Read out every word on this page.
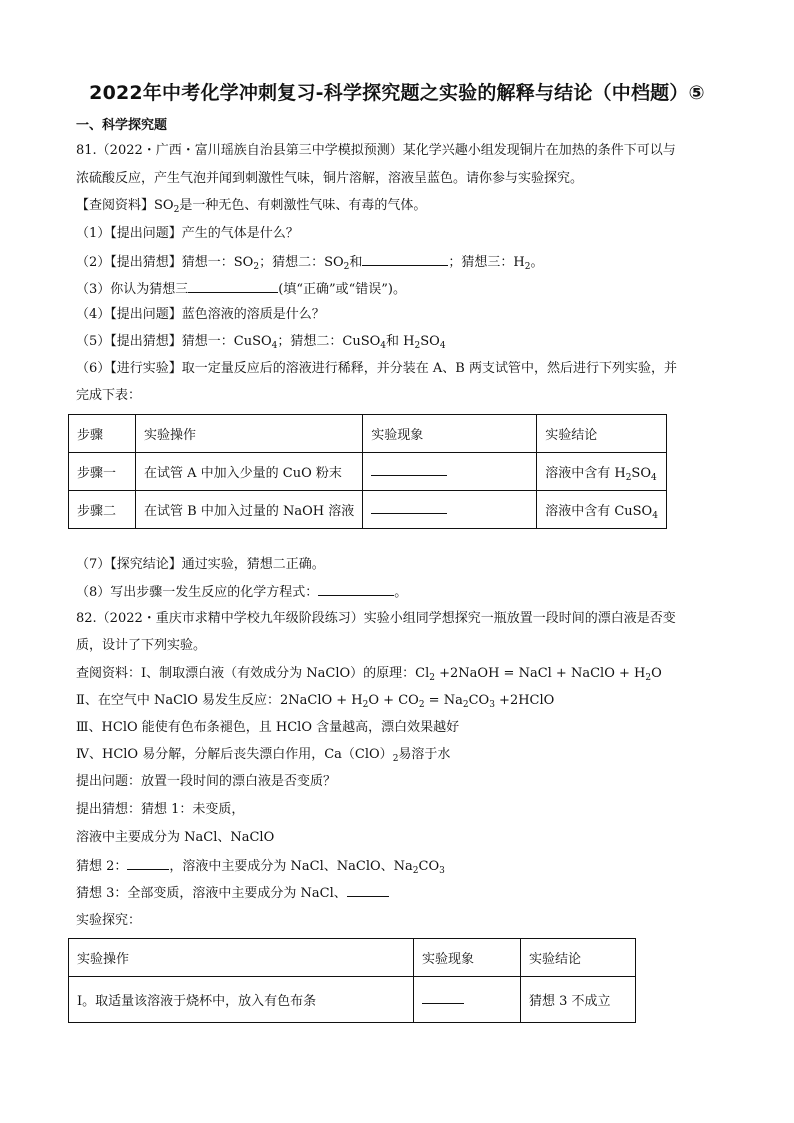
2022年中考化学冲刺复习-科学探究题之实验的解释与结论（中档题）⑤
一、科学探究题
81.（2022・广西・富川瑶族自治县第三中学模拟预测）某化学兴趣小组发现铜片在加热的条件下可以与
浓硫酸反应，产生气泡并闻到刺激性气味，铜片溶解，溶液呈蓝色。请你参与实验探究。
【查阅资料】$SO_2$是一种无色、有刺激性气味、有毒的气体。
（1）【提出问题】产生的气体是什么？
（2）【提出猜想】猜想一：$SO_2$；猜想二：$SO_2$和	；猜想三：$H_2$。
（3）你认为猜想三	(填“正确”或“错误”)。
（4）【提出问题】蓝色溶液的溶质是什么？
（5）【提出猜想】猜想一：CuSO$_4$；猜想二：CuSO$_4$和 $H_2SO_4$
（6）【进行实验】取一定量反应后的溶液进行稀释，并分装在 A、B 两支试管中，然后进行下列实验，并
完成下表：
步骤	实验操作	实验现象	实验结论
步骤一	在试管 A 中加入少量的 CuO 粉末		溶液中含有 $H_2SO_4$
步骤二	在试管 B 中加入过量的 NaOH 溶液		溶液中含有 CuSO$_4$
（7）【探究结论】通过实验，猜想二正确。
（8）写出步骤一发生反应的化学方程式：	。
82.（2022・重庆市求精中学校九年级阶段练习）实验小组同学想探究一瓶放置一段时间的漂白液是否变
质，设计了下列实验。
查阅资料：I、制取漂白液（有效成分为 NaClO）的原理：$Cl_2$ +2NaOH = NaCl + NaClO + $H_2O$
Ⅱ、在空气中 NaClO 易发生反应：2NaClO + $H_2O + CO_2 = Na_2CO_3$ +2HClO
Ⅲ、HClO 能使有色布条褪色，且 HClO 含量越高，漂白效果越好
Ⅳ、HClO 易分解，分解后丧失漂白作用，$Ca(ClO)_2$易溶于水
提出问题：放置一段时间的漂白液是否变质？
提出猜想：猜想 1：未变质，
溶液中主要成分为 NaCl、NaClO
猜想 2：	，溶液中主要成分为 NaCl、NaClO、$Na_2CO_3$
猜想 3：全部变质，溶液中主要成分为 NaCl、
实验探究：
实验操作	实验现象	实验结论
Ⅰ。取适量该溶液于烧杯中，放入有色布条		猜想 3 不成立
